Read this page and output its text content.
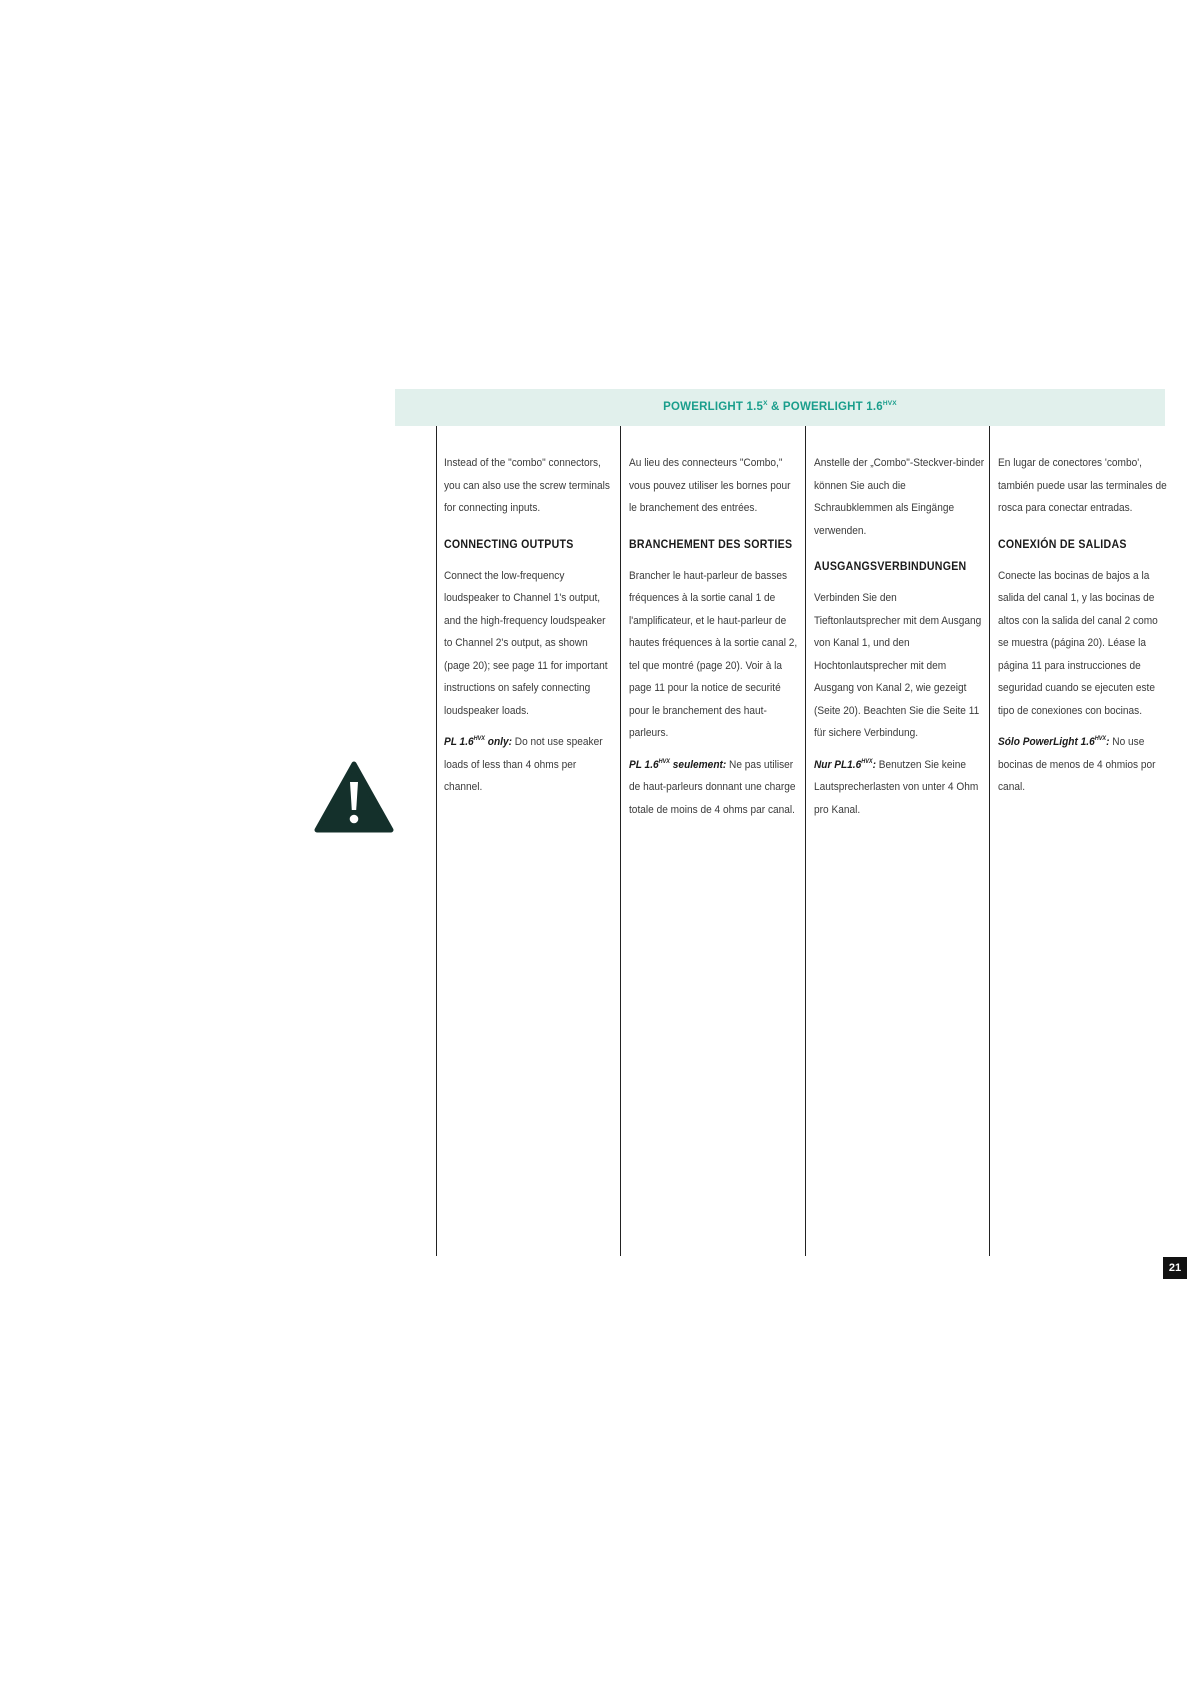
POWERLIGHT $1.5^X$ & POWERLIGHT $1.6^{HVX}$

Instead of the "combo" connectors, you can also use the screw terminals for connecting inputs.

CONNECTING OUTPUTS

Connect the low-frequency loudspeaker to Channel 1's output, and the high-frequency loudspeaker to Channel 2's output, as shown (page 20); see page 11 for important instructions on safely connecting loudspeaker loads.

PL $1.6^{HVX}$ only: Do not use speaker loads of less than 4 ohms per channel.

Au lieu des connecteurs "Combo," vous pouvez utiliser les bornes pour le branchement des entrées.

BRANCHEMENT DES SORTIES

Brancher le haut-parleur de basses fréquences à la sortie canal 1 de l'amplificateur, et le haut-parleur de hautes fréquences à la sortie canal 2, tel que montré (page 20). Voir à la page 11 pour la notice de securité pour le branchement des haut-parleurs.

PL $1.6^{HVX}$ seulement: Ne pas utiliser de haut-parleurs donnant une charge totale de moins de 4 ohms par canal.

Anstelle der „Combo"-Steckver-binder können Sie auch die Schraubklemmen als Eingänge verwenden.

AUSGANGSVERBINDUNGEN

Verbinden Sie den Tieftonlautsprecher mit dem Ausgang von Kanal 1, und den Hochtonlautsprecher mit dem Ausgang von Kanal 2, wie gezeigt (Seite 20). Beachten Sie die Seite 11 für sichere Verbindung.

Nur $PL1.6^{HVX}$: Benutzen Sie keine Lautsprecherlasten von unter 4 Ohm pro Kanal.

En lugar de conectores 'combo', también puede usar las terminales de rosca para conectar entradas.

CONEXIÓN DE SALIDAS

Conecte las bocinas de bajos a la salida del canal 1, y las bocinas de altos con la salida del canal 2 como se muestra (página 20). Léase la página 11 para instrucciones de seguridad cuando se ejecuten este tipo de conexiones con bocinas.

Sólo PowerLight $1.6^{HVX}$: No use bocinas de menos de 4 ohmios por canal.

21
